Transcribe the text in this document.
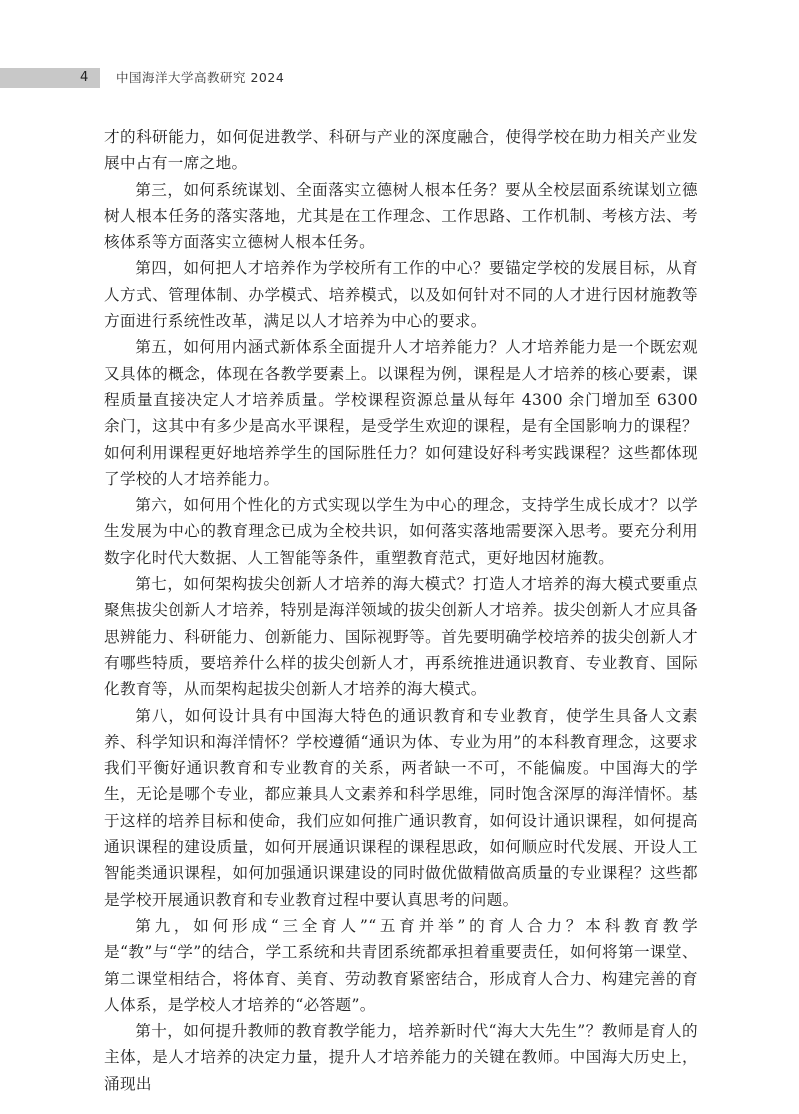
4 中国海洋大学高教研究 2024

才的科研能力，如何促进教学、科研与产业的深度融合，使得学校在助力相关产业发展中占有一席之地。

第三，如何系统谋划、全面落实立德树人根本任务？要从全校层面系统谋划立德树人根本任务的落实落地，尤其是在工作理念、工作思路、工作机制、考核方法、考核体系等方面落实立德树人根本任务。

第四，如何把人才培养作为学校所有工作的中心？要锚定学校的发展目标，从育人方式、管理体制、办学模式、培养模式，以及如何针对不同的人才进行因材施教等方面进行系统性改革，满足以人才培养为中心的要求。

第五，如何用内涵式新体系全面提升人才培养能力？人才培养能力是一个既宏观又具体的概念，体现在各教学要素上。以课程为例，课程是人才培养的核心要素，课程质量直接决定人才培养质量。学校课程资源总量从每年 4300 余门增加至 6300 余门，这其中有多少是高水平课程，是受学生欢迎的课程，是有全国影响力的课程？如何利用课程更好地培养学生的国际胜任力？如何建设好科考实践课程？这些都体现了学校的人才培养能力。

第六，如何用个性化的方式实现以学生为中心的理念，支持学生成长成才？以学生发展为中心的教育理念已成为全校共识，如何落实落地需要深入思考。要充分利用数字化时代大数据、人工智能等条件，重塑教育范式，更好地因材施教。

第七，如何架构拔尖创新人才培养的海大模式？打造人才培养的海大模式要重点聚焦拔尖创新人才培养，特别是海洋领域的拔尖创新人才培养。拔尖创新人才应具备思辨能力、科研能力、创新能力、国际视野等。首先要明确学校培养的拔尖创新人才有哪些特质，要培养什么样的拔尖创新人才，再系统推进通识教育、专业教育、国际化教育等，从而架构起拔尖创新人才培养的海大模式。

第八，如何设计具有中国海大特色的通识教育和专业教育，使学生具备人文素养、科学知识和海洋情怀？学校遵循“通识为体、专业为用”的本科教育理念，这要求我们平衡好通识教育和专业教育的关系，两者缺一不可，不能偏废。中国海大的学生，无论是哪个专业，都应兼具人文素养和科学思维，同时饱含深厚的海洋情怀。基于这样的培养目标和使命，我们应如何推广通识教育，如何设计通识课程，如何提高通识课程的建设质量，如何开展通识课程的课程思政，如何顺应时代发展、开设人工智能类通识课程，如何加强通识课建设的同时做优做精做高质量的专业课程？这些都是学校开展通识教育和专业教育过程中要认真思考的问题。

第九，如何形成“三全育人”“五育并举”的育人合力？本科教育教学是“教”与“学”的结合，学工系统和共青团系统都承担着重要责任，如何将第一课堂、第二课堂相结合，将体育、美育、劳动教育紧密结合，形成育人合力、构建完善的育人体系，是学校人才培养的“必答题”。

第十，如何提升教师的教育教学能力，培养新时代“海大大先生”？教师是育人的主体，是人才培养的决定力量，提升人才培养能力的关键在教师。中国海大历史上，涌现出
